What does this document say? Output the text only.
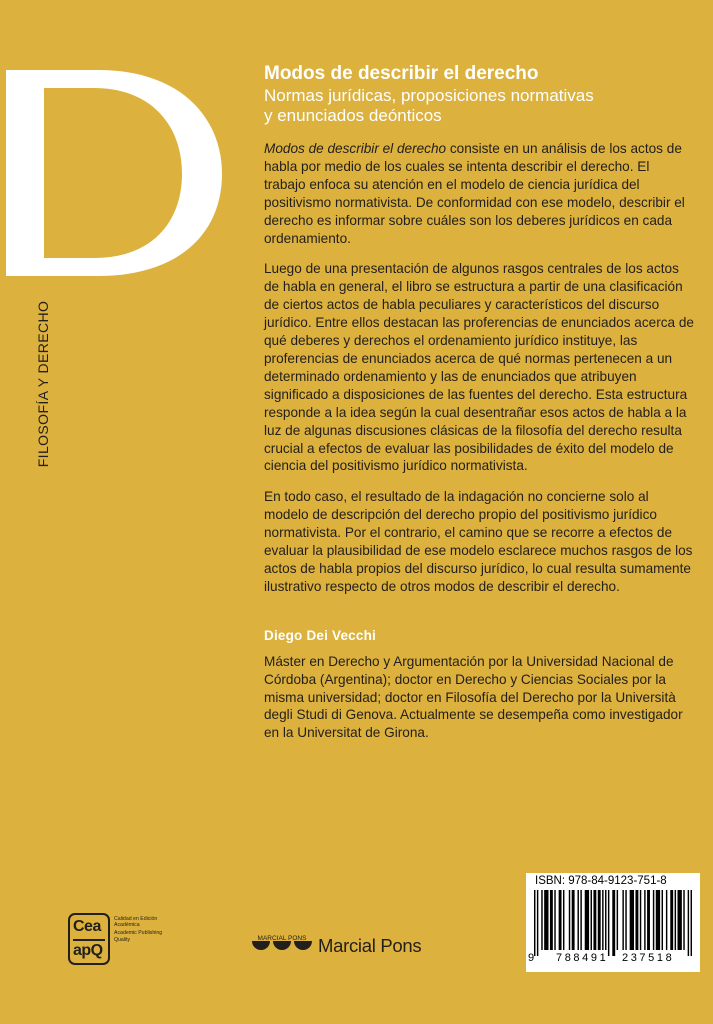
f
FILOSOFÍA Y DERECHO
Modos de describir el derecho

Normas jurídicas, proposiciones normativas

y enunciados deónticos

Modos de describir el derecho consiste en un análisis de los actos de habla por medio de los cuales se intenta describir el derecho. El trabajo enfoca su atención en el modelo de ciencia jurídica del positivismo normativista. De conformidad con ese modelo, describir el derecho es informar sobre cuáles son los deberes jurídicos en cada ordenamiento.

Luego de una presentación de algunos rasgos centrales de los actos de habla en general, el libro se estructura a partir de una clasificación de ciertos actos de habla peculiares y característicos del discurso jurídico. Entre ellos destacan las proferencias de enunciados acerca de qué deberes y derechos el ordenamiento jurídico instituye, las proferencias de enunciados acerca de qué normas pertenecen a un determinado ordenamiento y las de enunciados que atribuyen significado a disposiciones de las fuentes del derecho. Esta estructura responde a la idea según la cual desentrañar esos actos de habla a la luz de algunas discusiones clásicas de la filosofía del derecho resulta crucial a efectos de evaluar las posibilidades de éxito del modelo de ciencia del positivismo jurídico normativista.

En todo caso, el resultado de la indagación no concierne solo al modelo de descripción del derecho propio del positivismo jurídico normativista. Por el contrario, el camino que se recorre a efectos de evaluar la plausibilidad de ese modelo esclarece muchos rasgos de los actos de habla propios del discurso jurídico, lo cual resulta sumamente ilustrativo respecto de otros modos de describir el derecho.

Diego Dei Vecchi

Máster en Derecho y Argumentación por la Universidad Nacional de Córdoba (Argentina); doctor en Derecho y Ciencias Sociales por la misma universidad; doctor en Filosofía del Derecho por la Università degli Studi di Genova. Actualmente se desempeña como investigador en la Universitat de Girona.

Cea
apQ
Calidad en Edición Académica
Academic Publishing Quality	MARCIAL PONS Marcial Pons
ISBN: 978-84-9123-751-8
9 788491 237518
